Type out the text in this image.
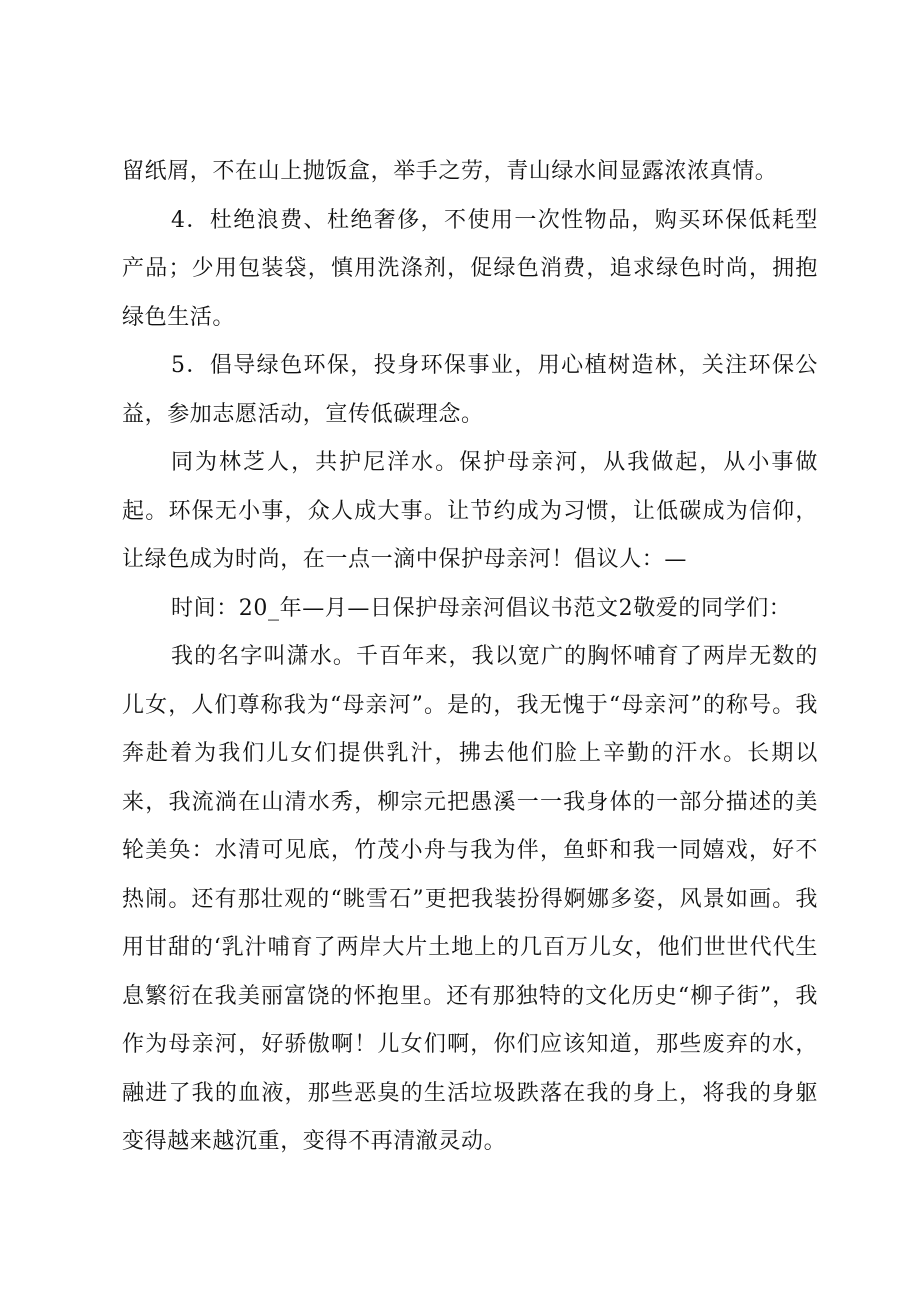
留纸屑，不在山上抛饭盒，举手之劳，青山绿水间显露浓浓真情。

4．杜绝浪费、杜绝奢侈，不使用一次性物品，购买环保低耗型产品；少用包装袋，慎用洗涤剂，促绿色消费，追求绿色时尚，拥抱绿色生活。

5．倡导绿色环保，投身环保事业，用心植树造林，关注环保公益，参加志愿活动，宣传低碳理念。

同为林芝人，共护尼洋水。保护母亲河，从我做起，从小事做起。环保无小事，众人成大事。让节约成为习惯，让低碳成为信仰，让绿色成为时尚，在一点一滴中保护母亲河！倡议人：—

时间：20_年—月—日保护母亲河倡议书范文2敬爱的同学们：

我的名字叫潇水。千百年来，我以宽广的胸怀哺育了两岸无数的儿女，人们尊称我为“母亲河”。是的，我无愧于“母亲河”的称号。我奔赴着为我们儿女们提供乳汁，拂去他们脸上辛勤的汗水。长期以来，我流淌在山清水秀，柳宗元把愚溪一一我身体的一部分描述的美轮美奂：水清可见底，竹茂小舟与我为伴，鱼虾和我一同嬉戏，好不热闹。还有那壮观的“眺雪石”更把我装扮得婀娜多姿，风景如画。我用甘甜的‘乳汁哺育了两岸大片土地上的几百万儿女，他们世世代代生息繁衍在我美丽富饶的怀抱里。还有那独特的文化历史“柳子街”，我作为母亲河，好骄傲啊！儿女们啊，你们应该知道，那些废弃的水，融进了我的血液，那些恶臭的生活垃圾跌落在我的身上，将我的身躯变得越来越沉重，变得不再清澈灵动。
